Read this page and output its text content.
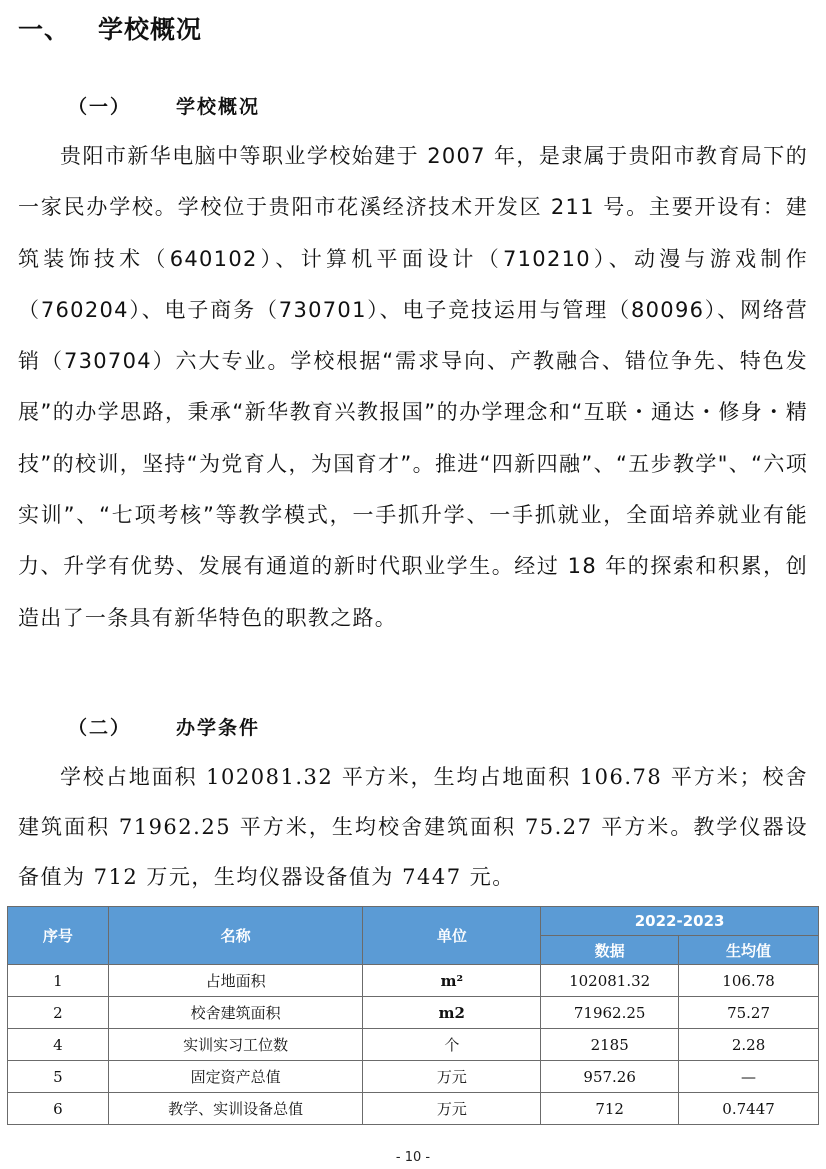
一、 学校概况
（一） 学校概况

贵阳市新华电脑中等职业学校始建于 2007 年，是隶属于贵阳市教育局下的一家民办学校。学校位于贵阳市花溪经济技术开发区 211 号。主要开设有：建筑装饰技术（640102）、计算机平面设计（710210）、动漫与游戏制作（760204）、电子商务（730701）、电子竞技运用与管理（80096）、网络营销（730704）六大专业。学校根据“需求导向、产教融合、错位争先、特色发展”的办学思路，秉承“新华教育兴教报国”的办学理念和“互联・通达・修身・精技”的校训，坚持“为党育人，为国育才”。推进“四新四融”、“五步教学"、“六项实训”、“七项考核”等教学模式，一手抓升学、一手抓就业，全面培养就业有能力、升学有优势、发展有通道的新时代职业学生。经过 18 年的探索和积累，创造出了一条具有新华特色的职教之路。

（二） 办学条件

学校占地面积 102081.32 平方米，生均占地面积 106.78 平方米；校舍建筑面积 71962.25 平方米，生均校舍建筑面积 75.27 平方米。教学仪器设备值为 712 万元，生均仪器设备值为 7447 元。

序号	名称	单位	2022-2023	
			数据	生均值
1	占地面积	m²	102081.32	106.78
2	校舍建筑面积	m2	71962.25	75.27
4	实训实习工位数	个	2185	2.28
5	固定资产总值	万元	957.26	—
6	教学、实训设备总值	万元	712	0.7447
- 10 -
